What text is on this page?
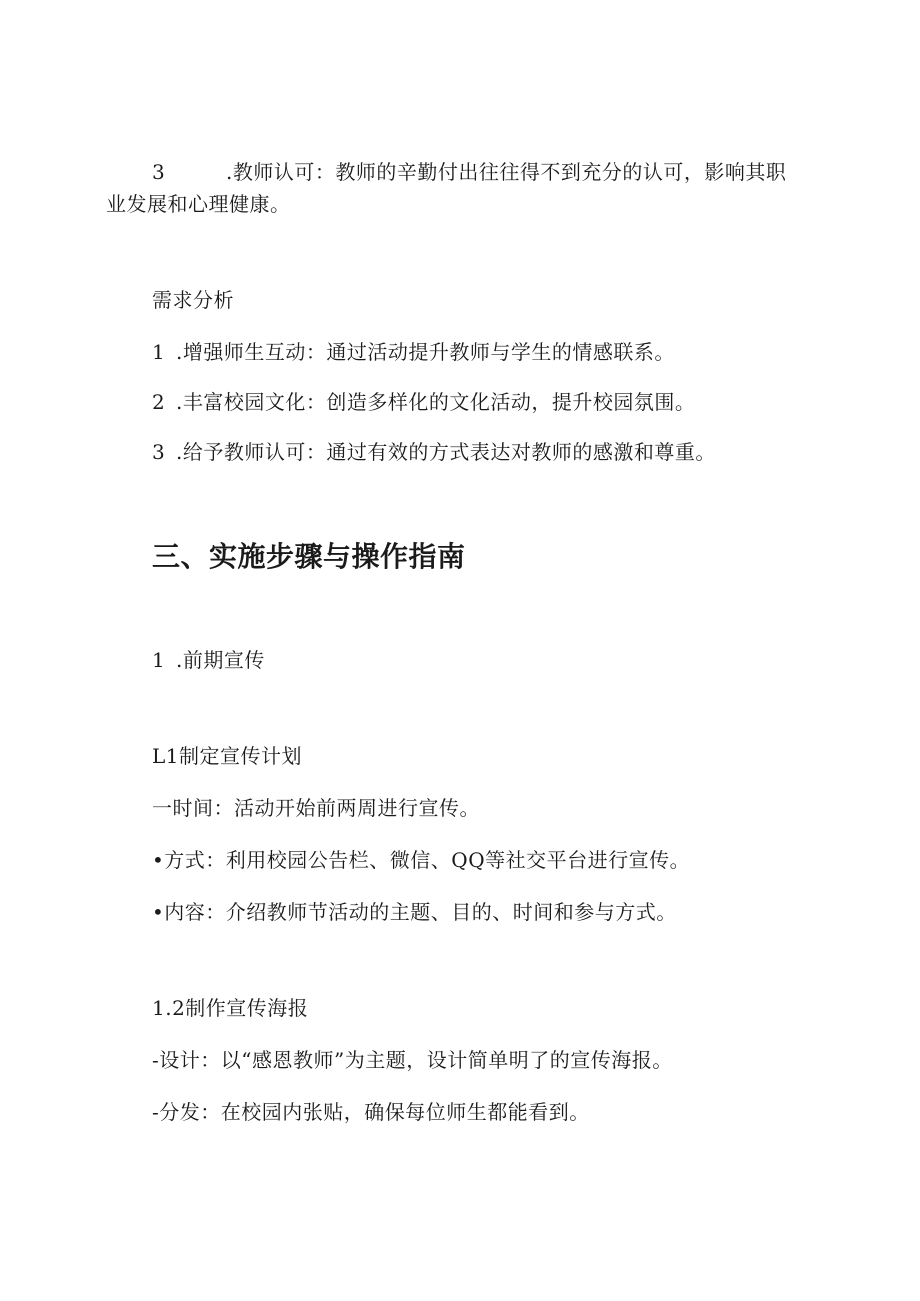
3	.教师认可：教师的辛勤付出往往得不到充分的认可，影响其职
业发展和心理健康。
需求分析
1 .增强师生互动：通过活动提升教师与学生的情感联系。
2 .丰富校园文化：创造多样化的文化活动，提升校园氛围。
3 .给予教师认可：通过有效的方式表达对教师的感激和尊重。
三、实施步骤与操作指南
1 .前期宣传
L1制定宣传计划
一时间：活动开始前两周进行宣传。
•方式：利用校园公告栏、微信、QQ等社交平台进行宣传。
•内容：介绍教师节活动的主题、目的、时间和参与方式。
1.2制作宣传海报
-设计：以“感恩教师”为主题，设计简单明了的宣传海报。
-分发：在校园内张贴，确保每位师生都能看到。
